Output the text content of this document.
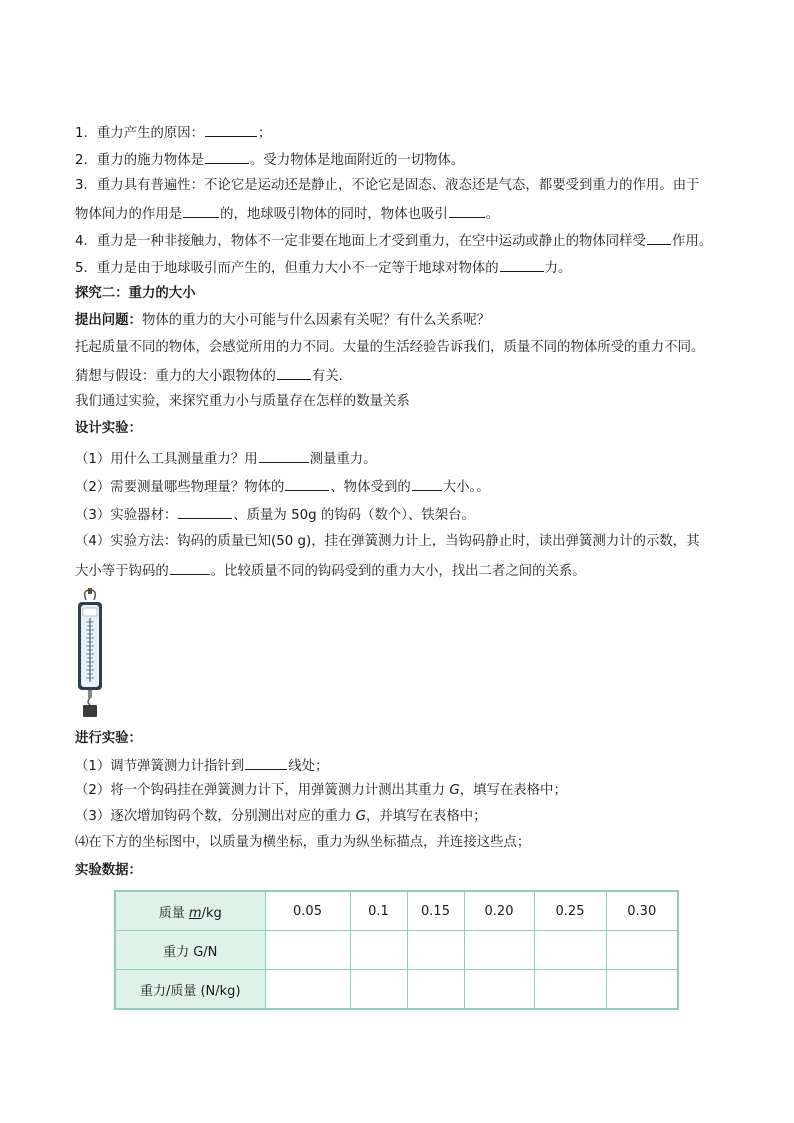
1．重力产生的原因：	；
2．重力的施力物体是	。受力物体是地面附近的一切物体。
3．重力具有普遍性：不论它是运动还是静止，不论它是固态、液态还是气态，都要受到重力的作用。由于
物体间力的作用是	的，地球吸引物体的同时，物体也吸引	。
4．重力是一种非接触力，物体不一定非要在地面上才受到重力，在空中运动或静止的物体同样受 作用。
5．重力是由于地球吸引而产生的，但重力大小不一定等于地球对物体的	力。
探究二：重力的大小
提出问题：物体的重力的大小可能与什么因素有关呢？有什么关系呢？
托起质量不同的物体，会感觉所用的力不同。大量的生活经验告诉我们，质量不同的物体所受的重力不同。
猜想与假设：重力的大小跟物体的	有关.
我们通过实验，来探究重力小与质量存在怎样的数量关系
设计实验：
（1）用什么工具测量重力？用	测量重力。
（2）需要测量哪些物理量？物体的	、物体受到的 大小。。
（3）实验器材：	、质量为 50g 的钩码（数个）、铁架台。
（4）实验方法：钩码的质量已知(50 g)，挂在弹簧测力计上，当钩码静止时，读出弹簧测力计的示数，其
大小等于钩码的	。比较质量不同的钩码受到的重力大小，找出二者之间的关系。
进行实验：
（1）调节弹簧测力计指针到	线处；
（2）将一个钩码挂在弹簧测力计下，用弹簧测力计测出其重力 G，填写在表格中；
（3）逐次增加钩码个数，分别测出对应的重力 G，并填写在表格中；
⑷在下方的坐标图中，以质量为横坐标，重力为纵坐标描点，并连接这些点；
实验数据：
质量 m/kg	0.05	0.1	0.15	0.20	0.25	0.30
重力 G/N						
重力/质量 (N/kg)						
